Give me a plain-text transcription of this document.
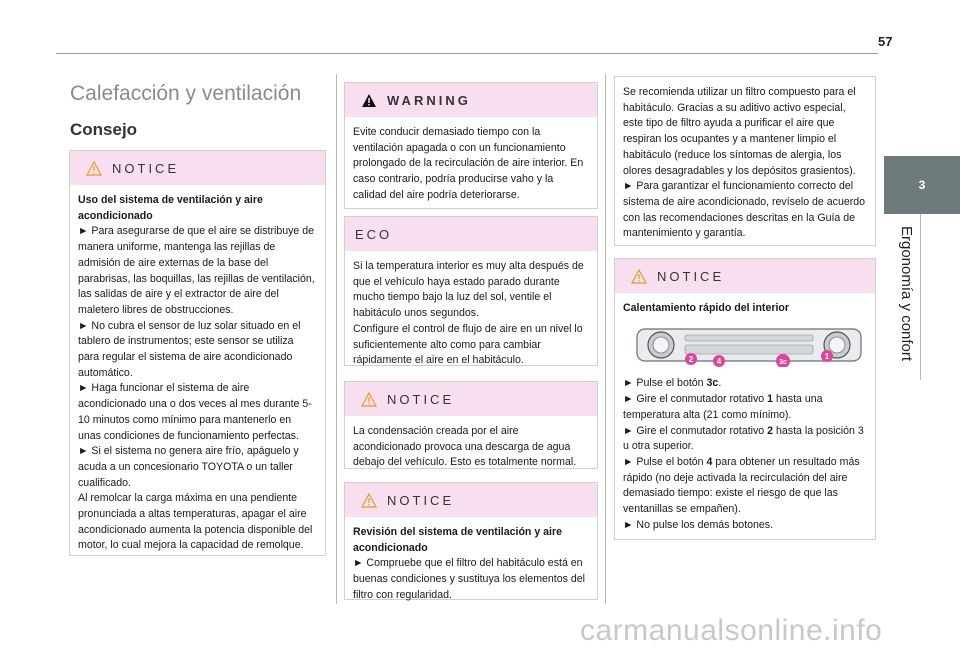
57
3
Ergonomía y confort
Calefacción y ventilación
Consejo
NOTICE

Uso del sistema de ventilación y aire acondicionado

► Para asegurarse de que el aire se distribuye de manera uniforme, mantenga las rejillas de admisión de aire externas de la base del parabrisas, las boquillas, las rejillas de ventilación, las salidas de aire y el extractor de aire del maletero libres de obstrucciones.

► No cubra el sensor de luz solar situado en el tablero de instrumentos; este sensor se utiliza para regular el sistema de aire acondicionado automático.

► Haga funcionar el sistema de aire acondicionado una o dos veces al mes durante 5-10 minutos como mínimo para mantenerlo en unas condiciones de funcionamiento perfectas.

► Si el sistema no genera aire frío, apáguelo y acuda a un concesionario TOYOTA o un taller cualificado.

Al remolcar la carga máxima en una pendiente pronunciada a altas temperaturas, apagar el aire acondicionado aumenta la potencia disponible del motor, lo cual mejora la capacidad de remolque.

WARNING

Evite conducir demasiado tiempo con la ventilación apagada o con un funcionamiento prolongado de la recirculación de aire interior. En caso contrario, podría producirse vaho y la calidad del aire podría deteriorarse.

ECO

Si la temperatura interior es muy alta después de que el vehículo haya estado parado durante mucho tiempo bajo la luz del sol, ventile el habitáculo unos segundos.

Configure el control de flujo de aire en un nivel lo suficientemente alto como para cambiar rápidamente el aire en el habitáculo.

NOTICE

La condensación creada por el aire acondicionado provoca una descarga de agua debajo del vehículo. Esto es totalmente normal.

NOTICE

Revisión del sistema de ventilación y aire acondicionado

► Compruebe que el filtro del habitáculo está en buenas condiciones y sustituya los elementos del filtro con regularidad.

Se recomienda utilizar un filtro compuesto para el habitáculo. Gracias a su aditivo activo especial, este tipo de filtro ayuda a purificar el aire que respiran los ocupantes y a mantener limpio el habitáculo (reduce los síntomas de alergia, los olores desagradables y los depósitos grasientos).

► Para garantizar el funcionamiento correcto del sistema de aire acondicionado, revíselo de acuerdo con las recomendaciones descritas en la Guía de mantenimiento y garantía.

NOTICE

Calentamiento rápido del interior

2	4	3c
1

► Pulse el botón 3c.

► Gire el conmutador rotativo 1 hasta una temperatura alta (21 como mínimo).

► Gire el conmutador rotativo 2 hasta la posición 3 u otra superior.

► Pulse el botón 4 para obtener un resultado más rápido (no deje activada la recirculación del aire demasiado tiempo: existe el riesgo de que las ventanillas se empañen).

► No pulse los demás botones.

carmanualsonline.info
